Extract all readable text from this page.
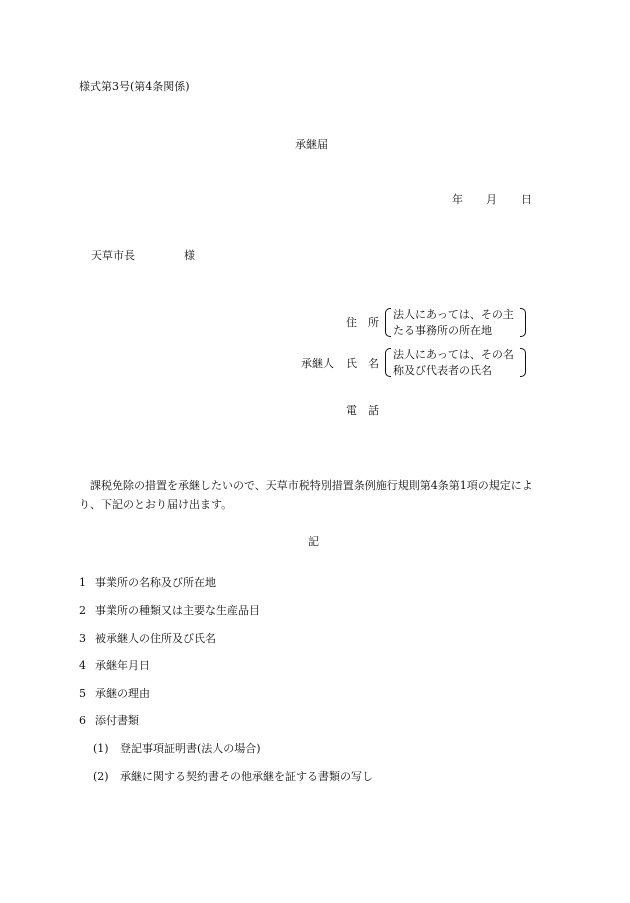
様式第3号(第4条関係)
承継届
年 月 日
天草市長	様
住　所
法人にあっては、その主
たる事務所の所在地
承継人 氏　名
法人にあっては、その名
称及び代表者の氏名
電　話
　課税免除の措置を承継したいので、天草市税特別措置条例施行規則第4条第1項の規定によ
り、下記のとおり届け出ます。
記
1 事業所の名称及び所在地
2 事業所の種類又は主要な生産品目
3 被承継人の住所及び氏名
4 承継年月日
5 承継の理由
6 添付書類
(1) 登記事項証明書(法人の場合)
(2) 承継に関する契約書その他承継を証する書類の写し
